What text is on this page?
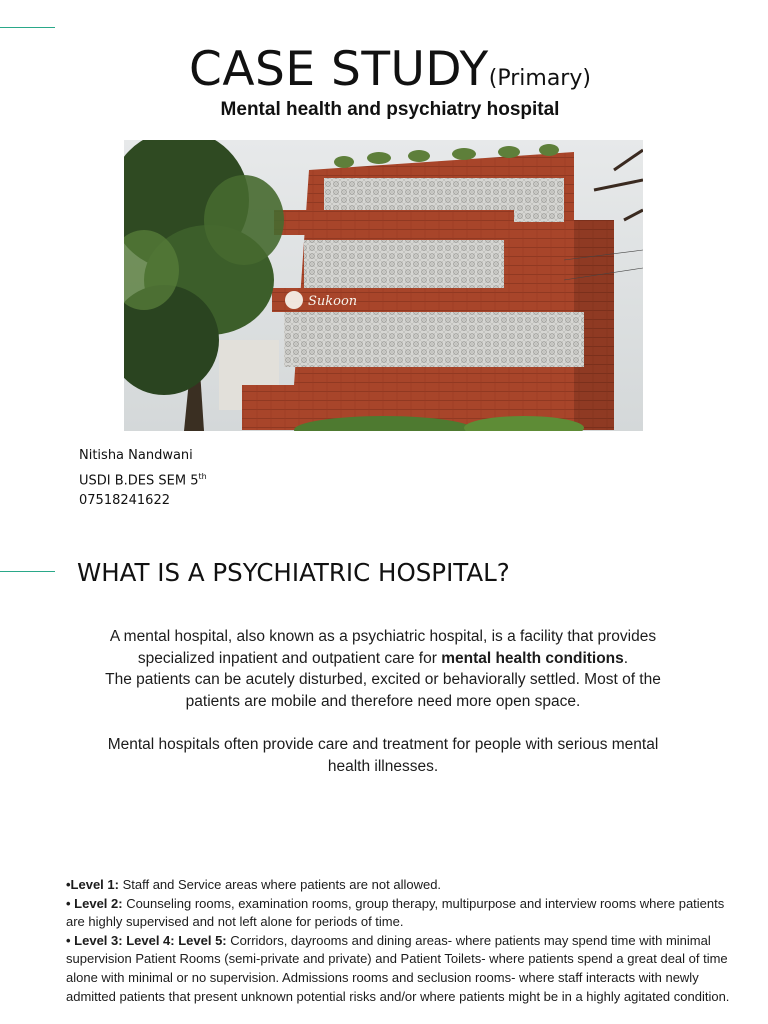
CASE STUDY(Primary)
Mental health and psychiatry hospital
Sukoon
Nitisha Nandwani
USDI B.DES SEM 5th
07518241622
WHAT IS A PSYCHIATRIC HOSPITAL?

A mental hospital, also known as a psychiatric hospital, is a facility that provides specialized inpatient and outpatient care for mental health conditions.

The patients can be acutely disturbed, excited or behaviorally settled. Most of the patients are mobile and therefore need more open space.

Mental hospitals often provide care and treatment for people with serious mental health illnesses.

•Level 1: Staff and Service areas where patients are not allowed.

• Level 2: Counseling rooms, examination rooms, group therapy, multipurpose and interview rooms where patients are highly supervised and not left alone for periods of time.

• Level 3: Level 4: Level 5: Corridors, dayrooms and dining areas- where patients may spend time with minimal supervision Patient Rooms (semi-private and private) and Patient Toilets- where patients spend a great deal of time alone with minimal or no supervision. Admissions rooms and seclusion rooms- where staff interacts with newly admitted patients that present unknown potential risks and/or where patients might be in a highly agitated condition.
